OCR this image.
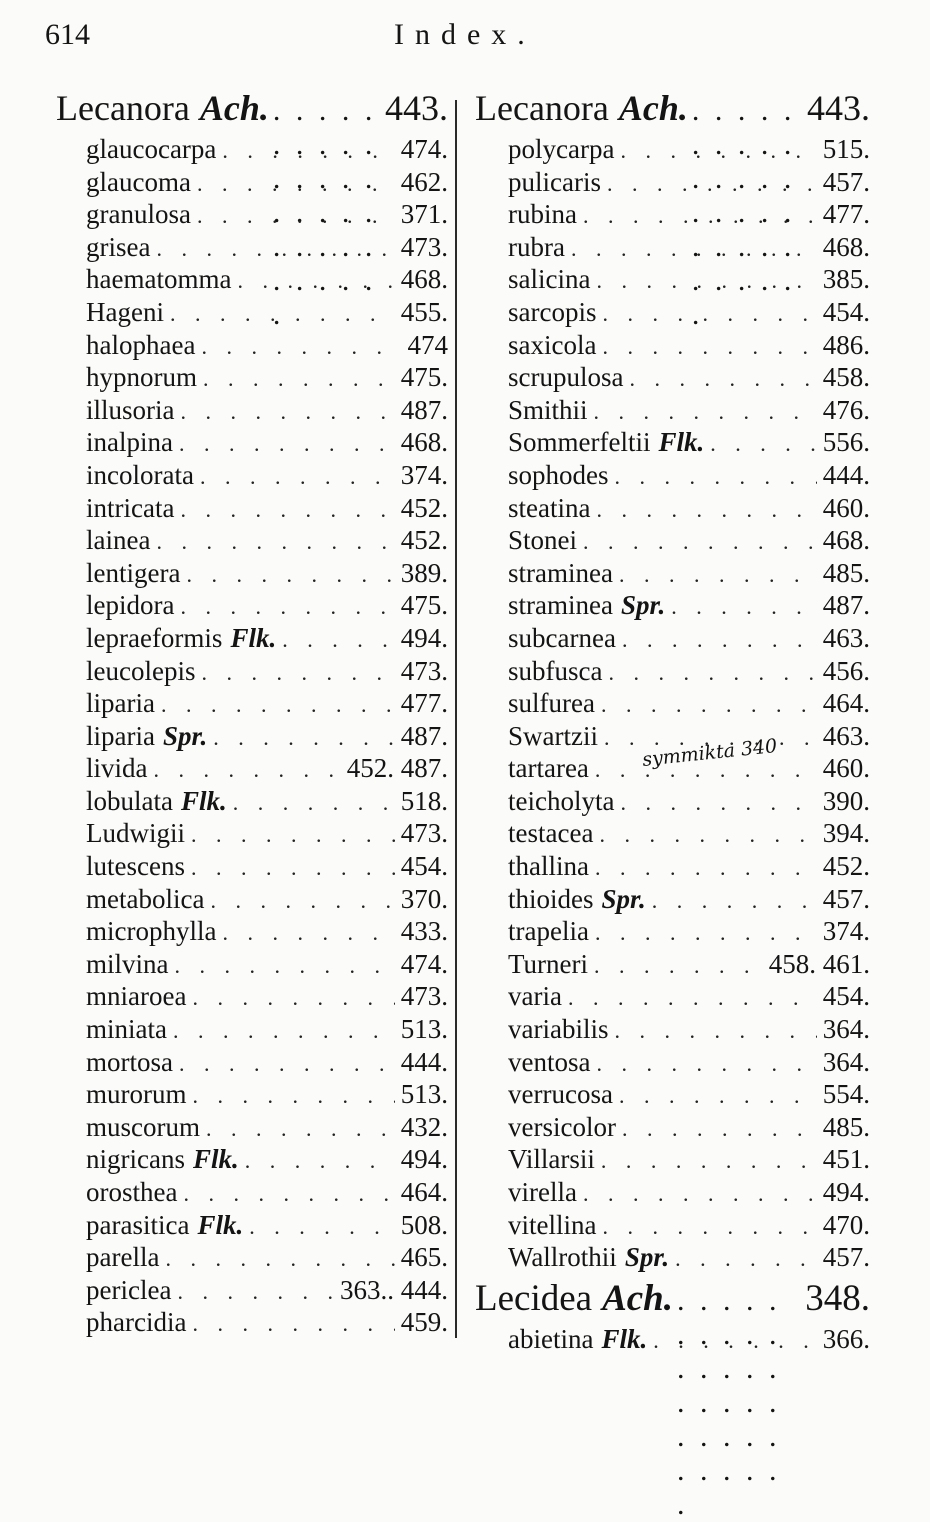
614	Index.
Lecanora Ach. . . .	443.
glaucocarpa . . .	474.
glaucoma . . .	462.
granulosa . . .	371.
grisea . . .	473.
haematomma . . .	468.
Hageni . . .	455.
halophaea . . .	474
hypnorum . . .	475.
illusoria . . .	487.
inalpina . . .	468.
incolorata . . .	374.
intricata . . .	452.
lainea . . .	452.
lentigera . . .	389.
lepidora . . .	475.
lepraeformis Flk. . . .	494.
leucolepis . . .	473.
liparia . . .	477.
liparia Spr. . . .	487.
livida . . .	452. 487.
lobulata Flk. . . .	518.
Ludwigii . . .	473.
lutescens . . .	454.
metabolica . . .	370.
microphylla . . .	433.
milvina . . .	474.
mniaroea . . .	473.
miniata . . .	513.
mortosa . . .	444.
murorum . . .	513.
muscorum . . .	432.
nigricans Flk. . . .	494.
orosthea . . .	464.
parasitica Flk. . . .	508.
parella . . .	465.
pericleа . . .	363.. 444.
pharcidia . . .	459.
Lecanora Ach. . . .	443.
polycarpa . . .	515.
pulicaris . . .	457.
rubina . . .	477.
rubra . . .	468.
salicina . . .	385.
sarcopis . . .	454.
saxicola . . .	486.
scrupulosa . . .	458.
Smithii . . .	476.
Sommerfeltii Flk. . . .	556.
sophodes . . .	444.
steatina . . .	460.
Stonei . . .	468.
straminea . . .	485.
straminea Spr. . . .	487.
subcarnea . . .	463.
subfusca . . .	456.
sulfurea . . .	464.
Swartzii . . .	463.
tartarea . . .	460.
teicholyta . . .	390.
testacea . . .	394.
thallina . . .	452.
thioides Spr. . . .	457.
trapelia . . .	374.
Turneri . . .	458. 461.
varia . . .	454.
variabilis . . .	364.
ventosa . . .	364.
verrucosa . . .	554.
versicolor . . .	485.
Villarsii . . .	451.
virella . . .	494.
vitellina . . .	470.
Wallrothii Spr. . . .	457.
Lecidea Ach. . . .	348.
abietina Flk. . . .	366.
symmikta 340
